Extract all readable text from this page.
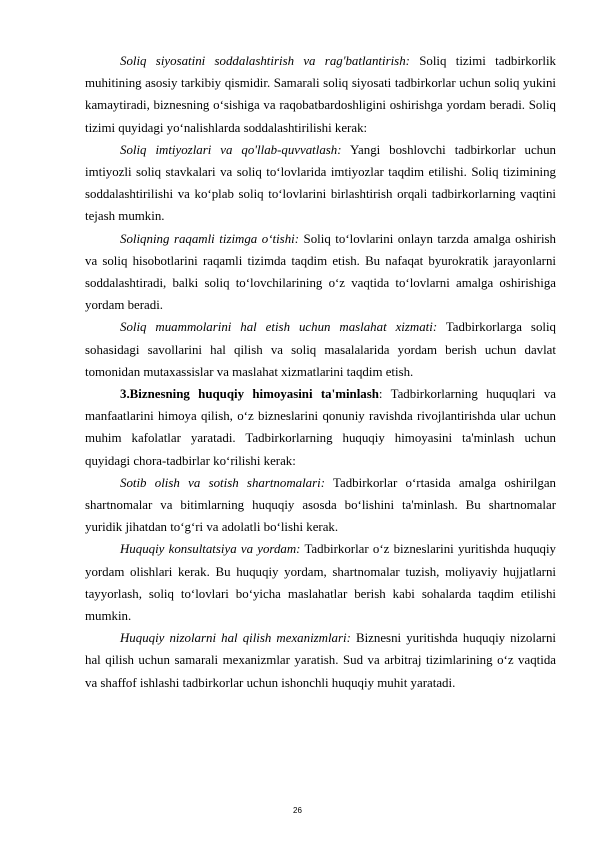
Soliq siyosatini soddalashtirish va rag'batlantirish: Soliq tizimi tadbirkorlik muhitining asosiy tarkibiy qismidir. Samarali soliq siyosati tadbirkorlar uchun soliq yukini kamaytiradi, biznesning o‘sishiga va raqobatbardoshligini oshirishga yordam beradi. Soliq tizimi quyidagi yo‘nalishlarda soddalashtirilishi kerak:

Soliq imtiyozlari va qo'llab-quvvatlash: Yangi boshlovchi tadbirkorlar uchun imtiyozli soliq stavkalari va soliq to‘lovlarida imtiyozlar taqdim etilishi. Soliq tizimining soddalashtirilishi va ko‘plab soliq to‘lovlarini birlashtirish orqali tadbirkorlarning vaqtini tejash mumkin.

Soliqning raqamli tizimga o‘tishi: Soliq to‘lovlarini onlayn tarzda amalga oshirish va soliq hisobotlarini raqamli tizimda taqdim etish. Bu nafaqat byurokratik jarayonlarni soddalashtiradi, balki soliq to‘lovchilarining o‘z vaqtida to‘lovlarni amalga oshirishiga yordam beradi.

Soliq muammolarini hal etish uchun maslahat xizmati: Tadbirkorlarga soliq sohasidagi savollarini hal qilish va soliq masalalarida yordam berish uchun davlat tomonidan mutaxassislar va maslahat xizmatlarini taqdim etish.

3.Biznesning huquqiy himoyasini ta'minlash: Tadbirkorlarning huquqlari va manfaatlarini himoya qilish, o‘z bizneslarini qonuniy ravishda rivojlantirishda ular uchun muhim kafolatlar yaratadi. Tadbirkorlarning huquqiy himoyasini ta'minlash uchun quyidagi chora-tadbirlar ko‘rilishi kerak:

Sotib olish va sotish shartnomalari: Tadbirkorlar o‘rtasida amalga oshirilgan shartnomalar va bitimlarning huquqiy asosda bo‘lishini ta'minlash. Bu shartnomalar yuridik jihatdan to‘g‘ri va adolatli bo‘lishi kerak.

Huquqiy konsultatsiya va yordam: Tadbirkorlar o‘z bizneslarini yuritishda huquqiy yordam olishlari kerak. Bu huquqiy yordam, shartnomalar tuzish, moliyaviy hujjatlarni tayyorlash, soliq to‘lovlari bo‘yicha maslahatlar berish kabi sohalarda taqdim etilishi mumkin.

Huquqiy nizolarni hal qilish mexanizmlari: Biznesni yuritishda huquqiy nizolarni hal qilish uchun samarali mexanizmlar yaratish. Sud va arbitraj tizimlarining o‘z vaqtida va shaffof ishlashi tadbirkorlar uchun ishonchli huquqiy muhit yaratadi.

26
